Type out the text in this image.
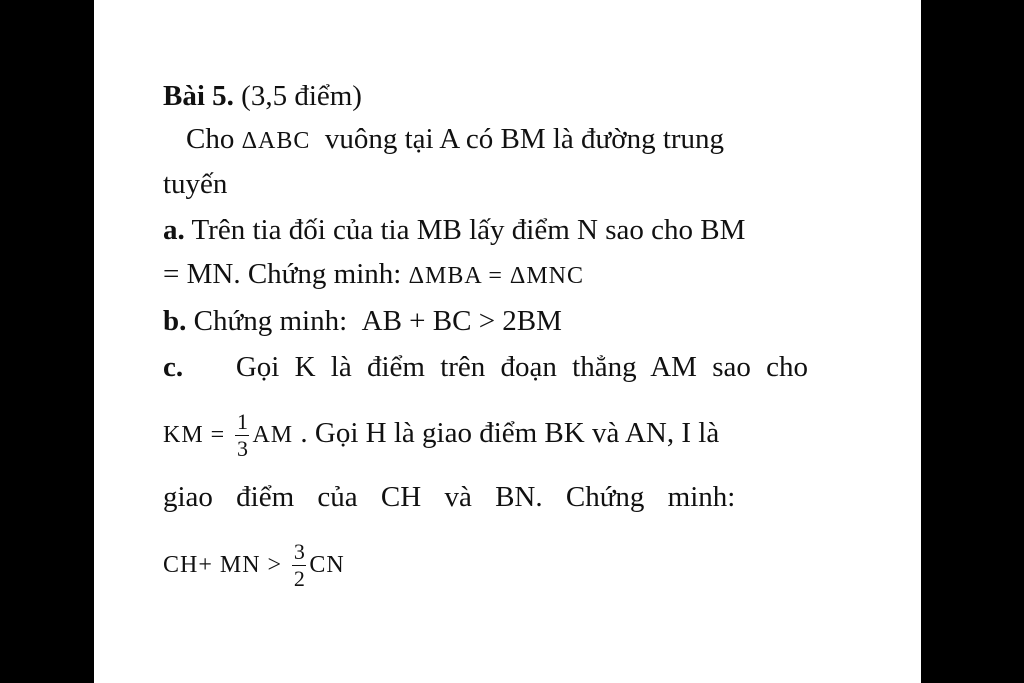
Bài 5. (3,5 điểm)
Cho ΔABC vuông tại A có BM là đường trung
tuyến
a. Trên tia đối của tia MB lấy điểm N sao cho BM
= MN. Chứng minh: ΔMBA = ΔMNC
b. Chứng minh: AB + BC > 2BM
c. Gọi K là điểm trên đoạn thẳng AM sao cho
KM = $\frac{1}{3}$ AM . Gọi H là giao điểm BK và AN, I là
giao điểm của CH và BN. Chứng minh:
CH+ MN > $\frac{3}{2}$ CN
